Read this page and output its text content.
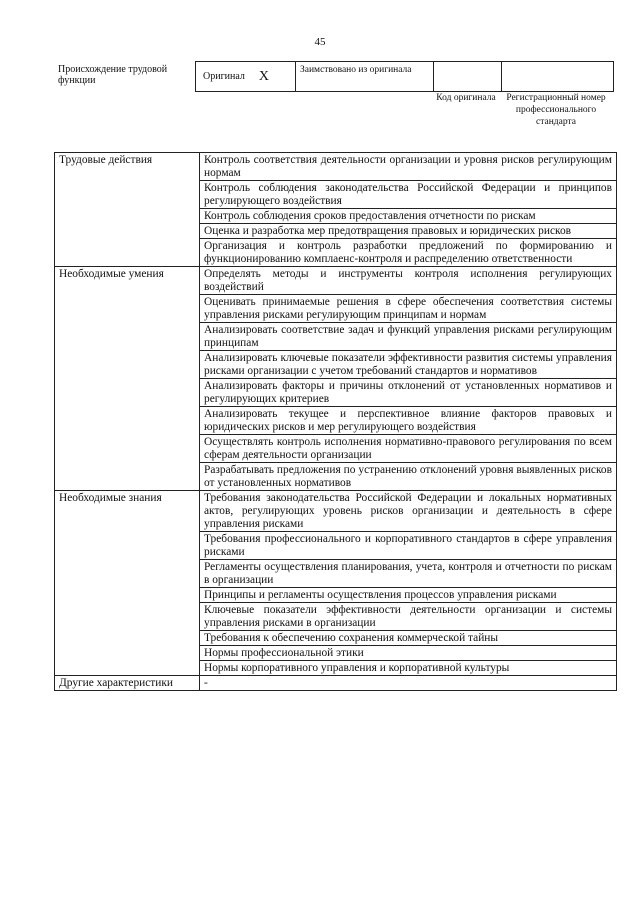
45
Происхождение трудовой функции	Оригинал X	Заимствовано из оригинала
Код оригинала	Регистрационный номер профессионального стандарта
Трудовые действия	Контроль соответствия деятельности организации и уровня рисков регулирующим нормам
	Контроль соблюдения законодательства Российской Федерации и принципов регулирующего воздействия
	Контроль соблюдения сроков предоставления отчетности по рискам
	Оценка и разработка мер предотвращения правовых и юридических рисков
	Организация и контроль разработки предложений по формированию и функционированию комплаенс-контроля и распределению ответственности
Необходимые умения	Определять методы и инструменты контроля исполнения регулирующих воздействий
	Оценивать принимаемые решения в сфере обеспечения соответствия системы управления рисками регулирующим принципам и нормам
	Анализировать соответствие задач и функций управления рисками регулирующим принципам
	Анализировать ключевые показатели эффективности развития системы управления рисками организации с учетом требований стандартов и нормативов
	Анализировать факторы и причины отклонений от установленных нормативов и регулирующих критериев
	Анализировать текущее и перспективное влияние факторов правовых и юридических рисков и мер регулирующего воздействия
	Осуществлять контроль исполнения нормативно-правового регулирования по всем сферам деятельности организации
	Разрабатывать предложения по устранению отклонений уровня выявленных рисков от установленных нормативов
Необходимые знания	Требования законодательства Российской Федерации и локальных нормативных актов, регулирующих уровень рисков организации и деятельность в сфере управления рисками
	Требования профессионального и корпоративного стандартов в сфере управления рисками
	Регламенты осуществления планирования, учета, контроля и отчетности по рискам в организации
	Принципы и регламенты осуществления процессов управления рисками
	Ключевые показатели эффективности деятельности организации и системы управления рисками в организации
	Требования к обеспечению сохранения коммерческой тайны
	Нормы профессиональной этики
	Нормы корпоративного управления и корпоративной культуры
Другие характеристики	-
